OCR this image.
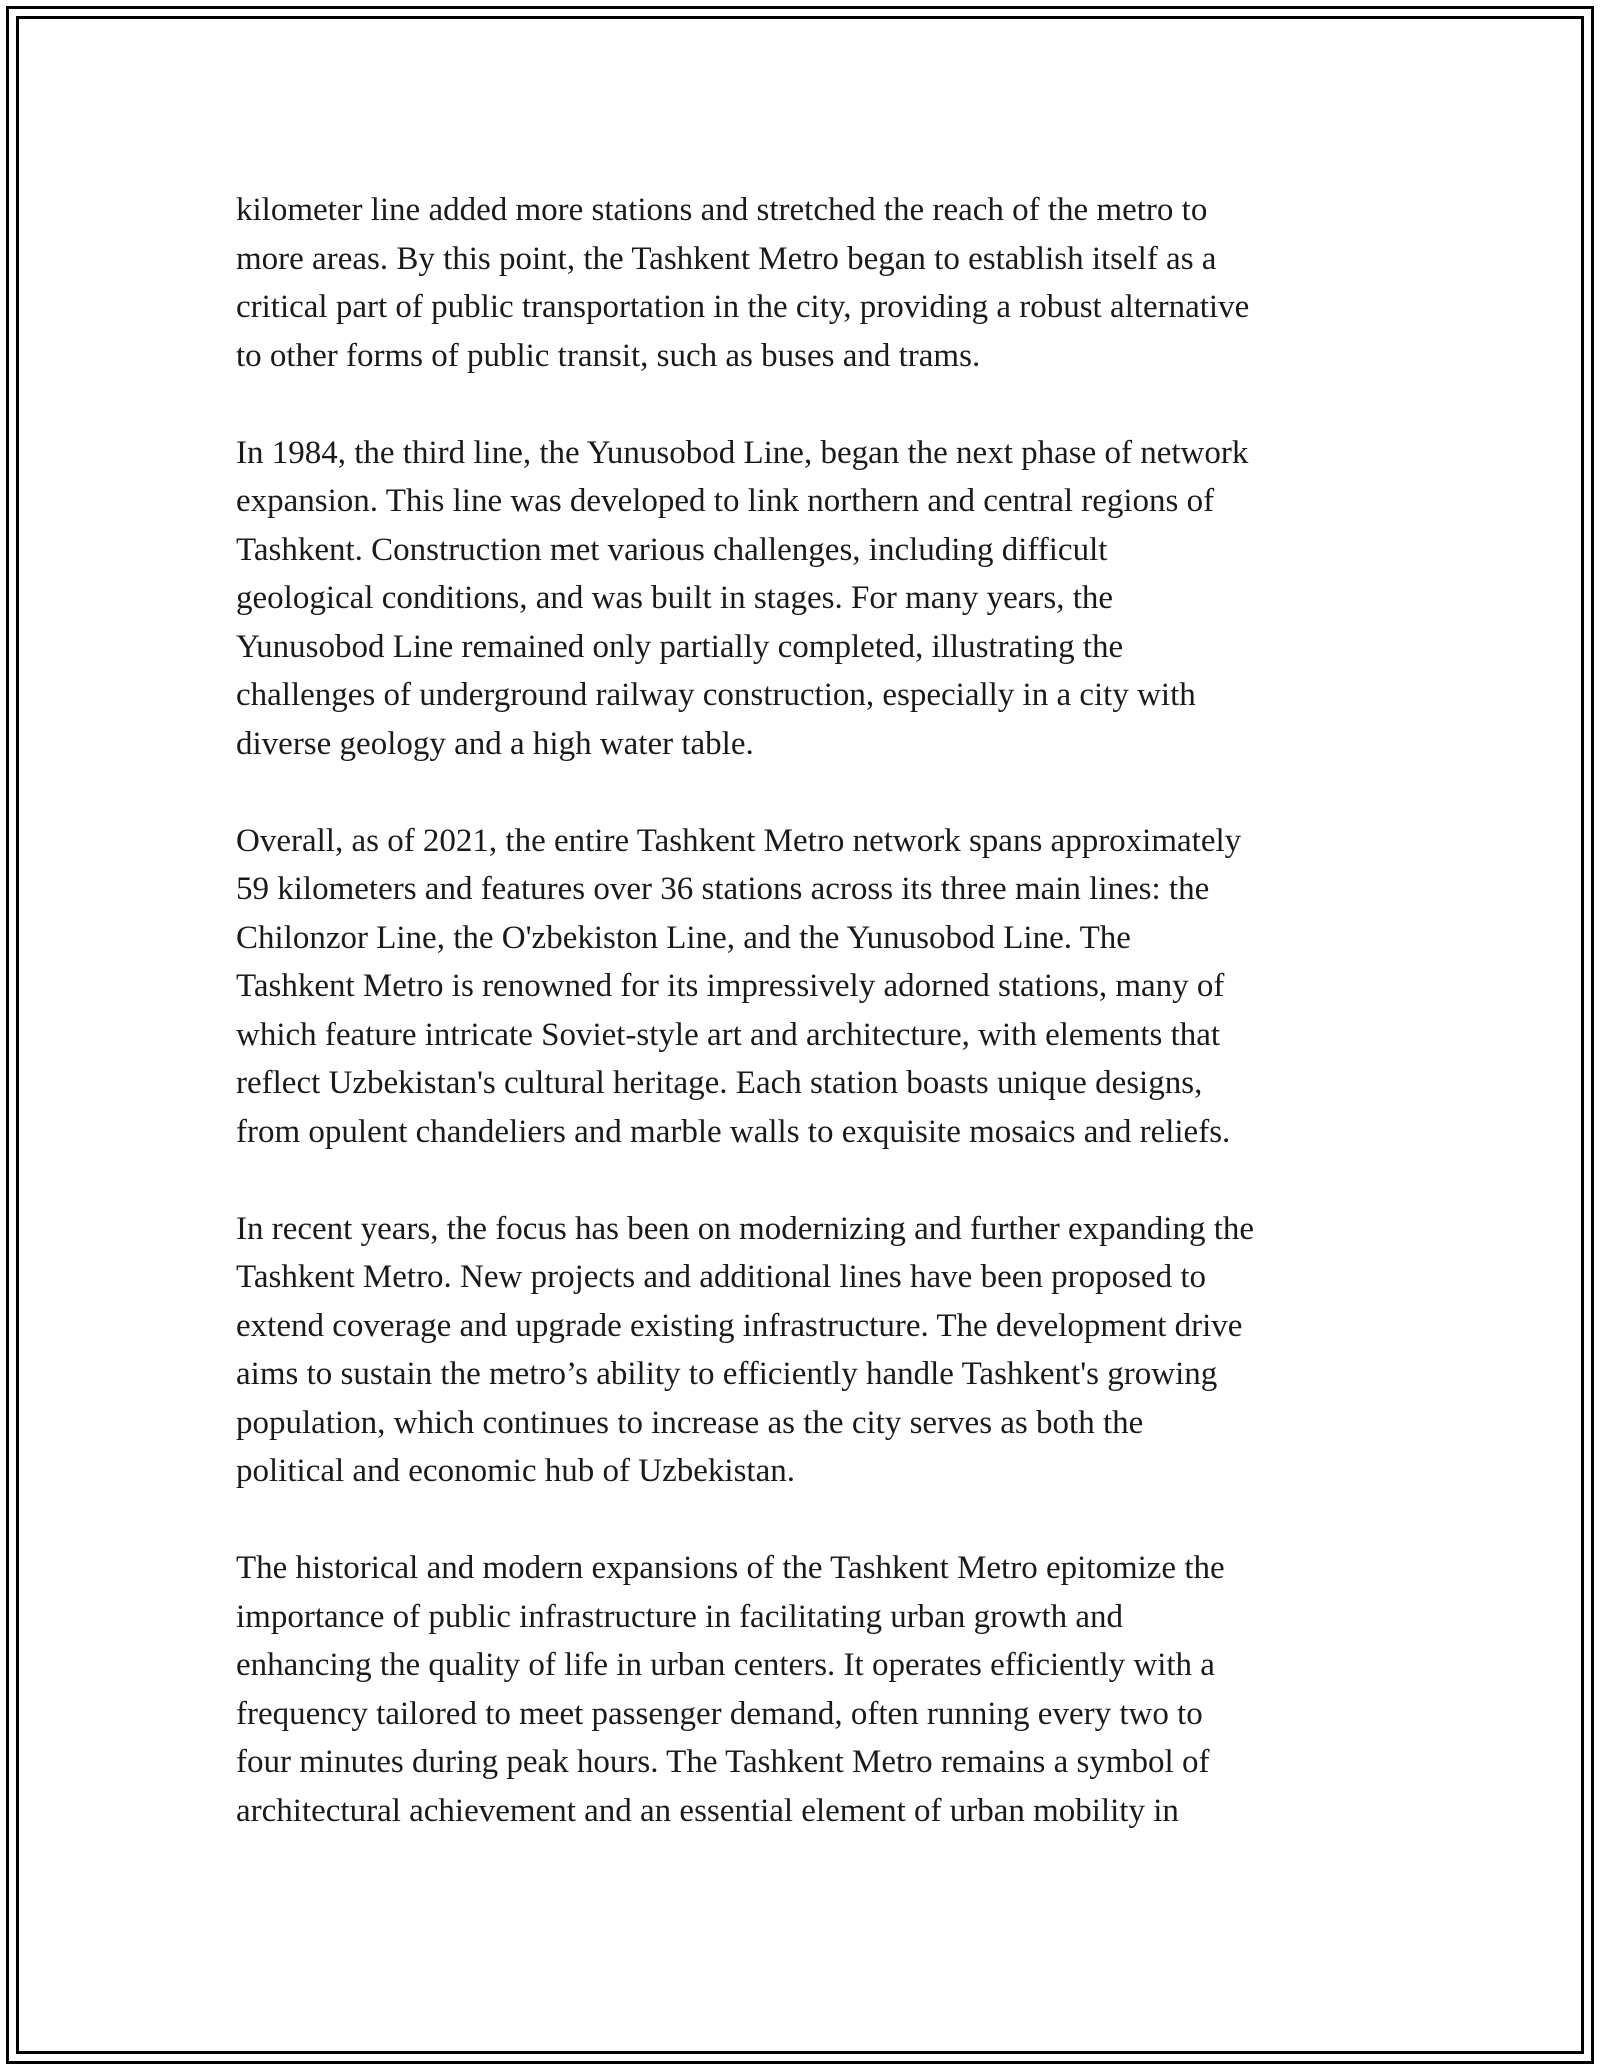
kilometer line added more stations and stretched the reach of the metro to
more areas. By this point, the Tashkent Metro began to establish itself as a
critical part of public transportation in the city, providing a robust alternative
to other forms of public transit, such as buses and trams.
In 1984, the third line, the Yunusobod Line, began the next phase of network
expansion. This line was developed to link northern and central regions of
Tashkent. Construction met various challenges, including difficult
geological conditions, and was built in stages. For many years, the
Yunusobod Line remained only partially completed, illustrating the
challenges of underground railway construction, especially in a city with
diverse geology and a high water table.
Overall, as of 2021, the entire Tashkent Metro network spans approximately
59 kilometers and features over 36 stations across its three main lines: the
Chilonzor Line, the O'zbekiston Line, and the Yunusobod Line. The
Tashkent Metro is renowned for its impressively adorned stations, many of
which feature intricate Soviet-style art and architecture, with elements that
reflect Uzbekistan's cultural heritage. Each station boasts unique designs,
from opulent chandeliers and marble walls to exquisite mosaics and reliefs.
In recent years, the focus has been on modernizing and further expanding the
Tashkent Metro. New projects and additional lines have been proposed to
extend coverage and upgrade existing infrastructure. The development drive
aims to sustain the metro’s ability to efficiently handle Tashkent's growing
population, which continues to increase as the city serves as both the
political and economic hub of Uzbekistan.
The historical and modern expansions of the Tashkent Metro epitomize the
importance of public infrastructure in facilitating urban growth and
enhancing the quality of life in urban centers. It operates efficiently with a
frequency tailored to meet passenger demand, often running every two to
four minutes during peak hours. The Tashkent Metro remains a symbol of
architectural achievement and an essential element of urban mobility in
